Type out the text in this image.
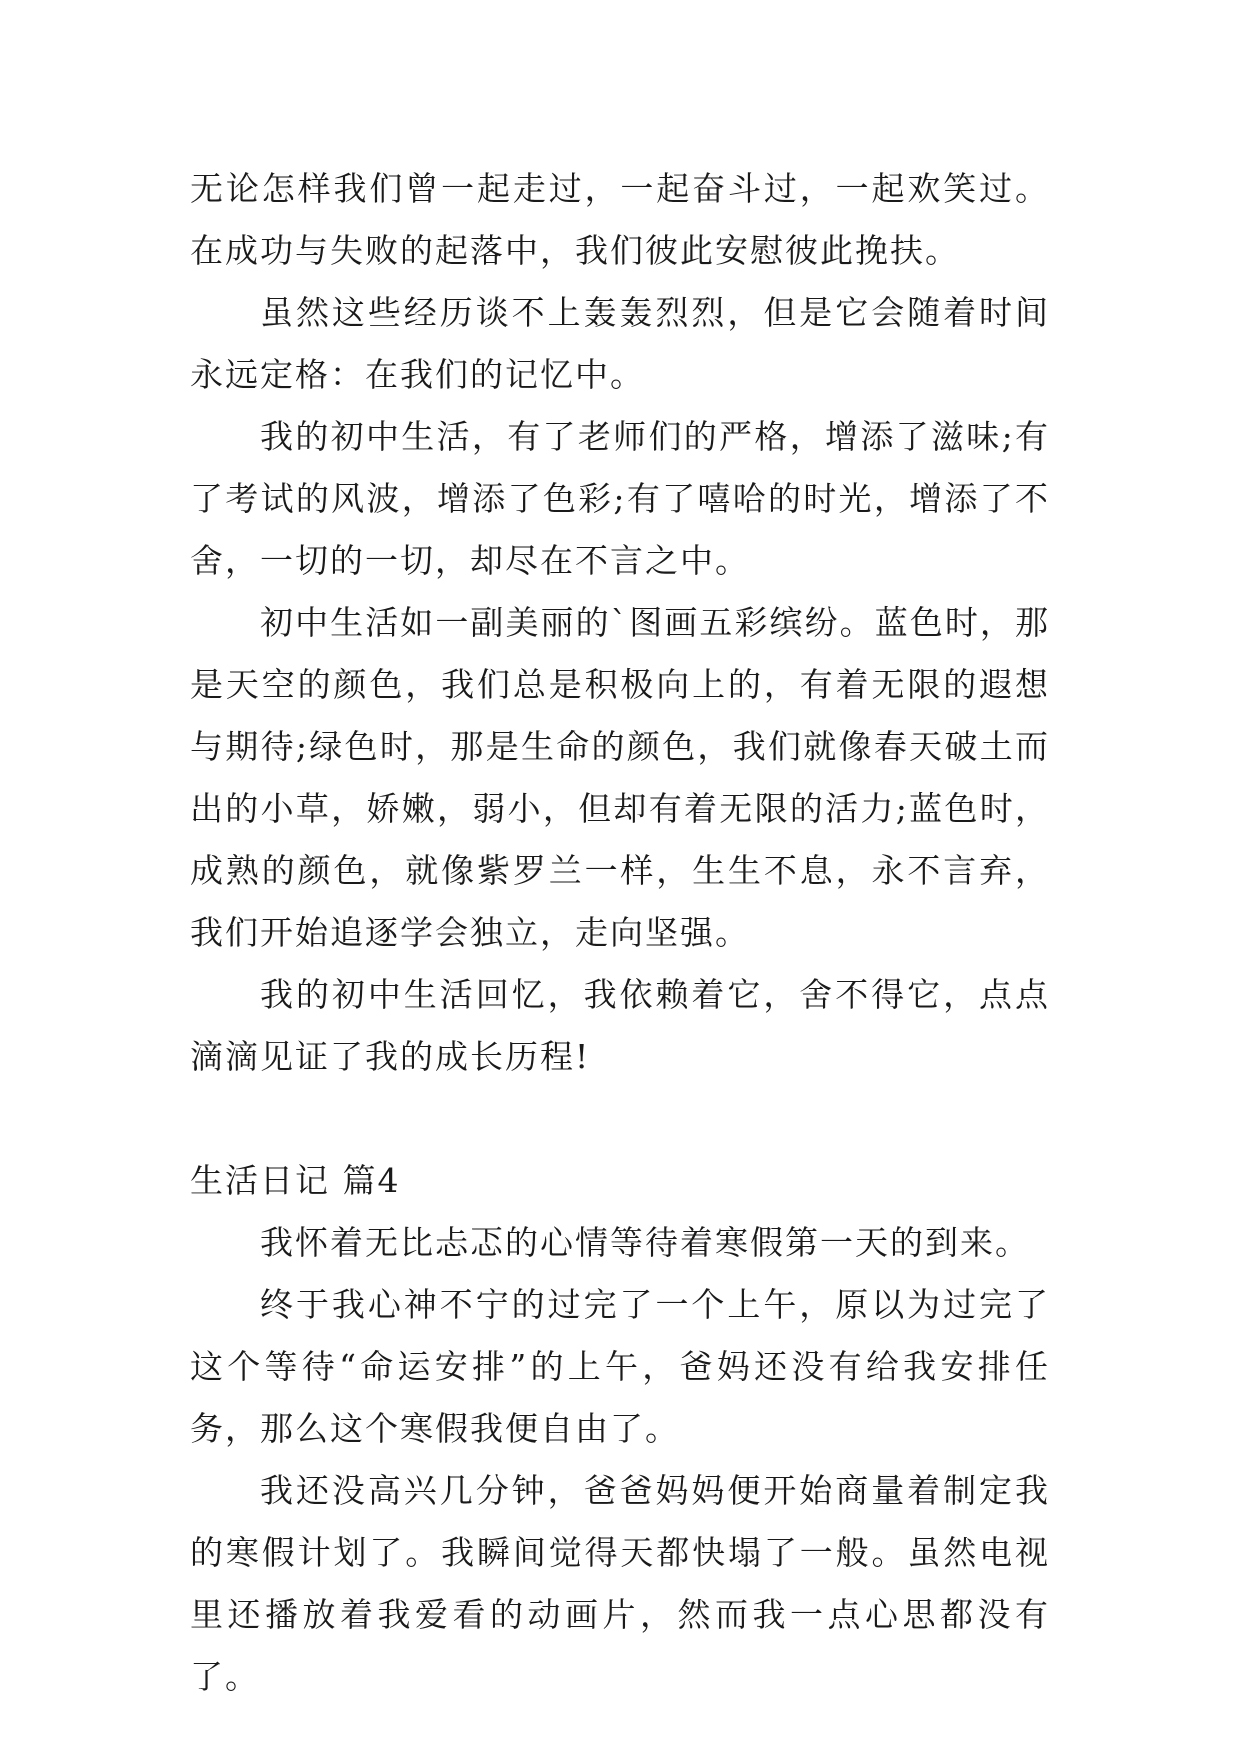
无论怎样我们曾一起走过，一起奋斗过，一起欢笑过。在成功与失败的起落中，我们彼此安慰彼此挽扶。

虽然这些经历谈不上轰轰烈烈，但是它会随着时间永远定格：在我们的记忆中。

我的初中生活，有了老师们的严格，增添了滋味;有了考试的风波，增添了色彩;有了嘻哈的时光，增添了不舍，一切的一切，却尽在不言之中。

初中生活如一副美丽的`图画五彩缤纷。蓝色时，那是天空的颜色，我们总是积极向上的，有着无限的遐想与期待;绿色时，那是生命的颜色，我们就像春天破土而出的小草，娇嫩，弱小，但却有着无限的活力;蓝色时，成熟的颜色，就像紫罗兰一样，生生不息，永不言弃，我们开始追逐学会独立，走向坚强。

我的初中生活回忆，我依赖着它，舍不得它，点点滴滴见证了我的成长历程!

生活日记 篇4

我怀着无比忐忑的心情等待着寒假第一天的到来。

终于我心神不宁的过完了一个上午，原以为过完了这个等待“命运安排”的上午，爸妈还没有给我安排任务，那么这个寒假我便自由了。

我还没高兴几分钟，爸爸妈妈便开始商量着制定我的寒假计划了。我瞬间觉得天都快塌了一般。虽然电视里还播放着我爱看的动画片，然而我一点心思都没有了。
